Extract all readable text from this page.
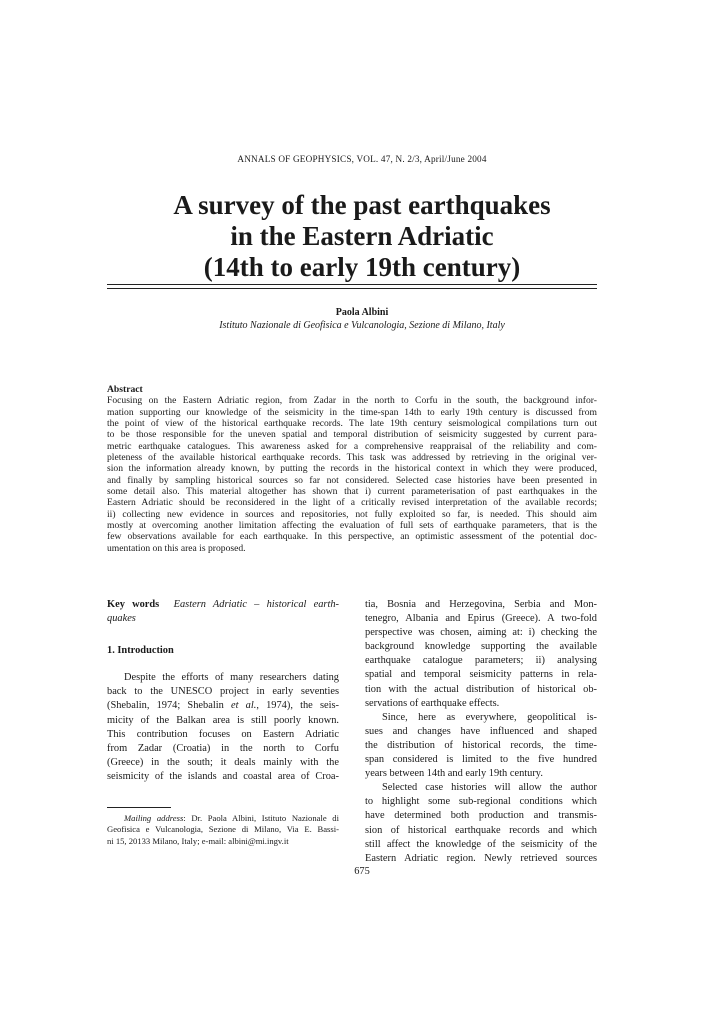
ANNALS OF GEOPHYSICS, VOL. 47, N. 2/3, April/June 2004
A survey of the past earthquakes
in the Eastern Adriatic
(14th to early 19th century)
Paola Albini
Istituto Nazionale di Geofisica e Vulcanologia, Sezione di Milano, Italy
Abstract
Focusing on the Eastern Adriatic region, from Zadar in the north to Corfu in the south, the background infor-
mation supporting our knowledge of the seismicity in the time-span 14th to early 19th century is discussed from
the point of view of the historical earthquake records. The late 19th century seismological compilations turn out
to be those responsible for the uneven spatial and temporal distribution of seismicity suggested by current para-
metric earthquake catalogues. This awareness asked for a comprehensive reappraisal of the reliability and com-
pleteness of the available historical earthquake records. This task was addressed by retrieving in the original ver-
sion the information already known, by putting the records in the historical context in which they were produced,
and finally by sampling historical sources so far not considered. Selected case histories have been presented in
some detail also. This material altogether has shown that i) current parameterisation of past earthquakes in the
Eastern Adriatic should be reconsidered in the light of a critically revised interpretation of the available records;
ii) collecting new evidence in sources and repositories, not fully exploited so far, is needed. This should aim
mostly at overcoming another limitation affecting the evaluation of full sets of earthquake parameters, that is the
few observations available for each earthquake. In this perspective, an optimistic assessment of the potential doc-
umentation on this area is proposed.
Key words Eastern Adriatic – historical earth-
quakes
1. Introduction
Despite the efforts of many researchers dating
back to the UNESCO project in early seventies
(Shebalin, 1974; Shebalin et al., 1974), the seis-
micity of the Balkan area is still poorly known.
This contribution focuses on Eastern Adriatic
from Zadar (Croatia) in the north to Corfu
(Greece) in the south; it deals mainly with the
seismicity of the islands and coastal area of Croa-
Mailing address: Dr. Paola Albini, Istituto Nazionale di
Geofisica e Vulcanologia, Sezione di Milano, Via E. Bassi-
ni 15, 20133 Milano, Italy; e-mail: albini@mi.ingv.it
tia, Bosnia and Herzegovina, Serbia and Mon-
tenegro, Albania and Epirus (Greece). A two-fold
perspective was chosen, aiming at: i) checking the
background knowledge supporting the available
earthquake catalogue parameters; ii) analysing
spatial and temporal seismicity patterns in rela-
tion with the actual distribution of historical ob-
servations of earthquake effects.
Since, here as everywhere, geopolitical is-
sues and changes have influenced and shaped
the distribution of historical records, the time-
span considered is limited to the five hundred
years between 14th and early 19th century.
Selected case histories will allow the author
to highlight some sub-regional conditions which
have determined both production and transmis-
sion of historical earthquake records and which
still affect the knowledge of the seismicity of the
Eastern Adriatic region. Newly retrieved sources
675
